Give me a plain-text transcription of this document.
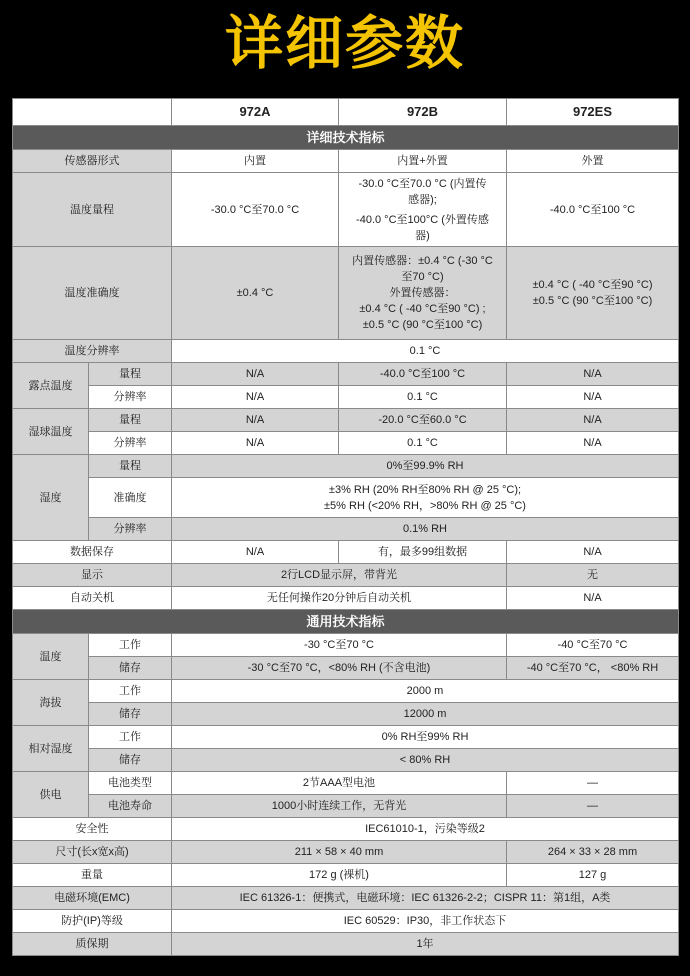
详细参数
		972A	972B	972ES
详细技术指标				
传感器形式		内置	内置+外置	外置
温度量程		-30.0 °C至70.0 °C	-30.0 °C至70.0 °C (内置传
感器);
-40.0 °C至100°C (外置传感
器)	-40.0 °C至100 °C
温度准确度		±0.4 °C	内置传感器：±0.4 °C (-30 °C
至70 °C)
外置传感器：
±0.4 °C ( -40 °C至90 °C) ;
±0.5 °C (90 °C至100 °C)	±0.4 °C ( -40 °C至90 °C)
±0.5 °C (90 °C至100 °C)

温度分辨率		0.1 °C		
露点温度	量程	N/A	-40.0 °C至100 °C	N/A
	分辨率	N/A	0.1 °C	N/A
湿球温度	量程	N/A	-20.0 °C至60.0 °C	N/A
	分辨率	N/A	0.1 °C	N/A
湿度	量程	0%至99.9% RH		
	准确度	±3% RH (20% RH至80% RH @ 25 °C);
±5% RH (<20% RH，>80% RH @ 25 °C)		

	分辨率	0.1% RH		
数据保存		N/A	有，最多99组数据	N/A
显示		2行LCD显示屏，带背光		无
自动关机		无任何操作20分钟后自动关机		N/A
通用技术指标				
温度	工作	-30 °C至70 °C		-40 °C至70 °C
	储存	-30 °C至70 °C，<80% RH (不含电池)		-40 °C至70 °C， <80% RH
海拔	工作	2000 m		
	储存	12000 m		
相对湿度	工作	0% RH至99% RH		
	储存	< 80% RH		
供电	电池类型	2节AAA型电池		—
	电池寿命	1000小时连续工作，无背光		—
安全性		IEC61010-1，污染等级2		
尺寸(长x宽x高)		211 × 58 × 40 mm		264 × 33 × 28 mm
重量		172 g (裸机)		127 g
电磁环境(EMC)		IEC 61326-1：便携式，电磁环境：IEC 61326-2-2；CISPR 11：第1组，A类		
防护(IP)等级		IEC 60529：IP30，非工作状态下		
质保期		1年		
